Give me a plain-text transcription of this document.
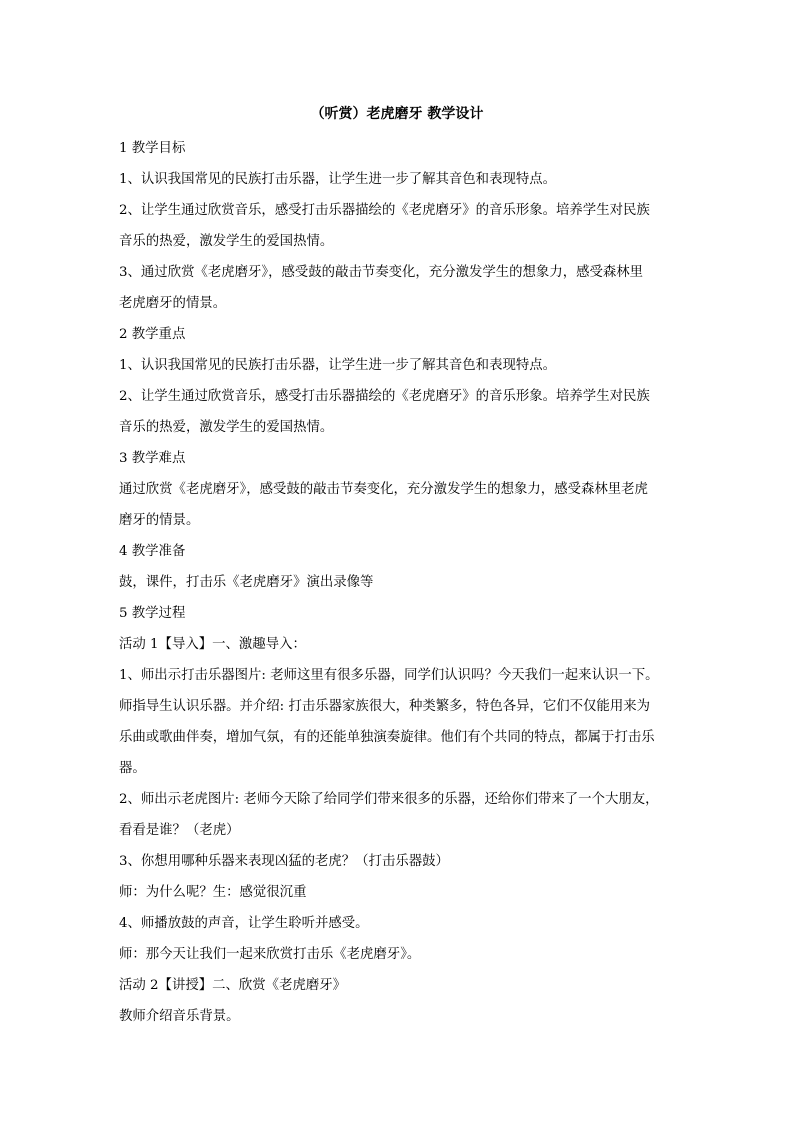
（听赏）老虎磨牙 教学设计
1 教学目标
1、认识我国常见的民族打击乐器，让学生进一步了解其音色和表现特点。
2、让学生通过欣赏音乐，感受打击乐器描绘的《老虎磨牙》的音乐形象。培养学生对民族
音乐的热爱，激发学生的爱国热情。
3、通过欣赏《老虎磨牙》，感受鼓的敲击节奏变化，充分激发学生的想象力，感受森林里
老虎磨牙的情景。
2 教学重点
1、认识我国常见的民族打击乐器，让学生进一步了解其音色和表现特点。
2、让学生通过欣赏音乐，感受打击乐器描绘的《老虎磨牙》的音乐形象。培养学生对民族
音乐的热爱，激发学生的爱国热情。
3 教学难点
通过欣赏《老虎磨牙》，感受鼓的敲击节奏变化，充分激发学生的想象力，感受森林里老虎
磨牙的情景。
4 教学准备
鼓，课件，打击乐《老虎磨牙》演出录像等
5 教学过程
活动 1【导入】一、激趣导入：
1、师出示打击乐器图片: 老师这里有很多乐器，同学们认识吗？今天我们一起来认识一下。
师指导生认识乐器。并介绍: 打击乐器家族很大，种类繁多，特色各异，它们不仅能用来为
乐曲或歌曲伴奏，增加气氛，有的还能单独演奏旋律。他们有个共同的特点，都属于打击乐
器。
2、师出示老虎图片: 老师今天除了给同学们带来很多的乐器，还给你们带来了一个大朋友，
看看是谁？（老虎）
3、你想用哪种乐器来表现凶猛的老虎？（打击乐器鼓）
师：为什么呢？生：感觉很沉重
4、师播放鼓的声音，让学生聆听并感受。
师：那今天让我们一起来欣赏打击乐《老虎磨牙》。
活动 2【讲授】二、欣赏《老虎磨牙》
教师介绍音乐背景。
